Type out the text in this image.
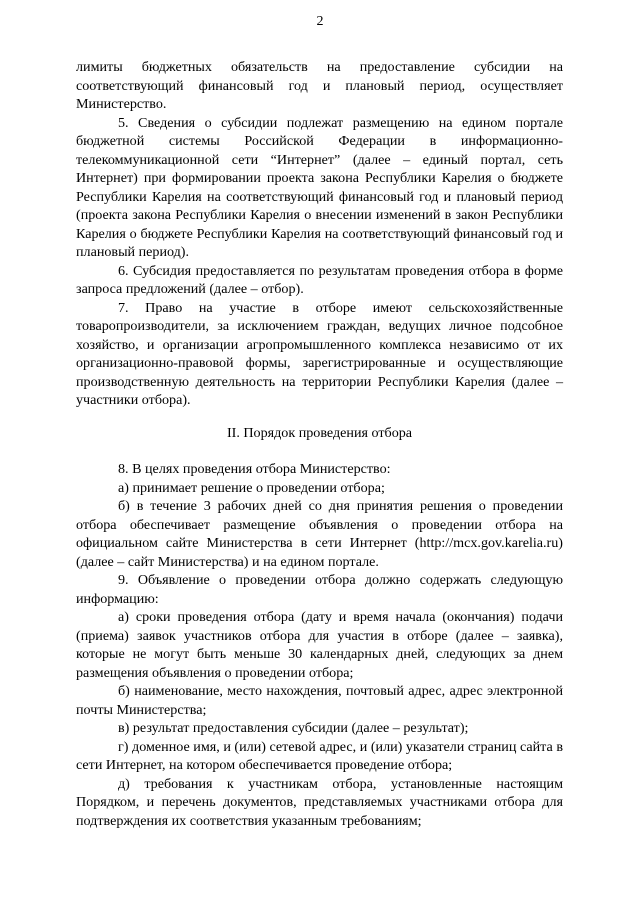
2

лимиты бюджетных обязательств на предоставление субсидии на соответствующий финансовый год и плановый период, осуществляет Министерство.

5. Сведения о субсидии подлежат размещению на едином портале бюджетной системы Российской Федерации в информационно-телекоммуникационной сети “Интернет” (далее – единый портал, сеть Интернет) при формировании проекта закона Республики Карелия о бюджете Республики Карелия на соответствующий финансовый год и плановый период (проекта закона Республики Карелия о внесении изменений в закон Республики Карелия о бюджете Республики Карелия на соответствующий финансовый год и плановый период).

6. Субсидия предоставляется по результатам проведения отбора в форме запроса предложений (далее – отбор).

7. Право на участие в отборе имеют сельскохозяйственные товаропроизводители, за исключением граждан, ведущих личное подсобное хозяйство, и организации агропромышленного комплекса независимо от их организационно-правовой формы, зарегистрированные и осуществляющие производственную деятельность на территории Республики Карелия (далее – участники отбора).

II. Порядок проведения отбора

8. В целях проведения отбора Министерство:

а) принимает решение о проведении отбора;

б) в течение 3 рабочих дней со дня принятия решения о проведении отбора обеспечивает размещение объявления о проведении отбора на официальном сайте Министерства в сети Интернет (http://mcx.gov.karelia.ru) (далее – сайт Министерства) и на едином портале.

9. Объявление о проведении отбора должно содержать следующую информацию:

а) сроки проведения отбора (дату и время начала (окончания) подачи (приема) заявок участников отбора для участия в отборе (далее – заявка), которые не могут быть меньше 30 календарных дней, следующих за днем размещения объявления о проведении отбора;

б) наименование, место нахождения, почтовый адрес, адрес электронной почты Министерства;

в) результат предоставления субсидии (далее – результат);

г) доменное имя, и (или) сетевой адрес, и (или) указатели страниц сайта в сети Интернет, на котором обеспечивается проведение отбора;

д) требования к участникам отбора, установленные настоящим Порядком, и перечень документов, представляемых участниками отбора для подтверждения их соответствия указанным требованиям;
